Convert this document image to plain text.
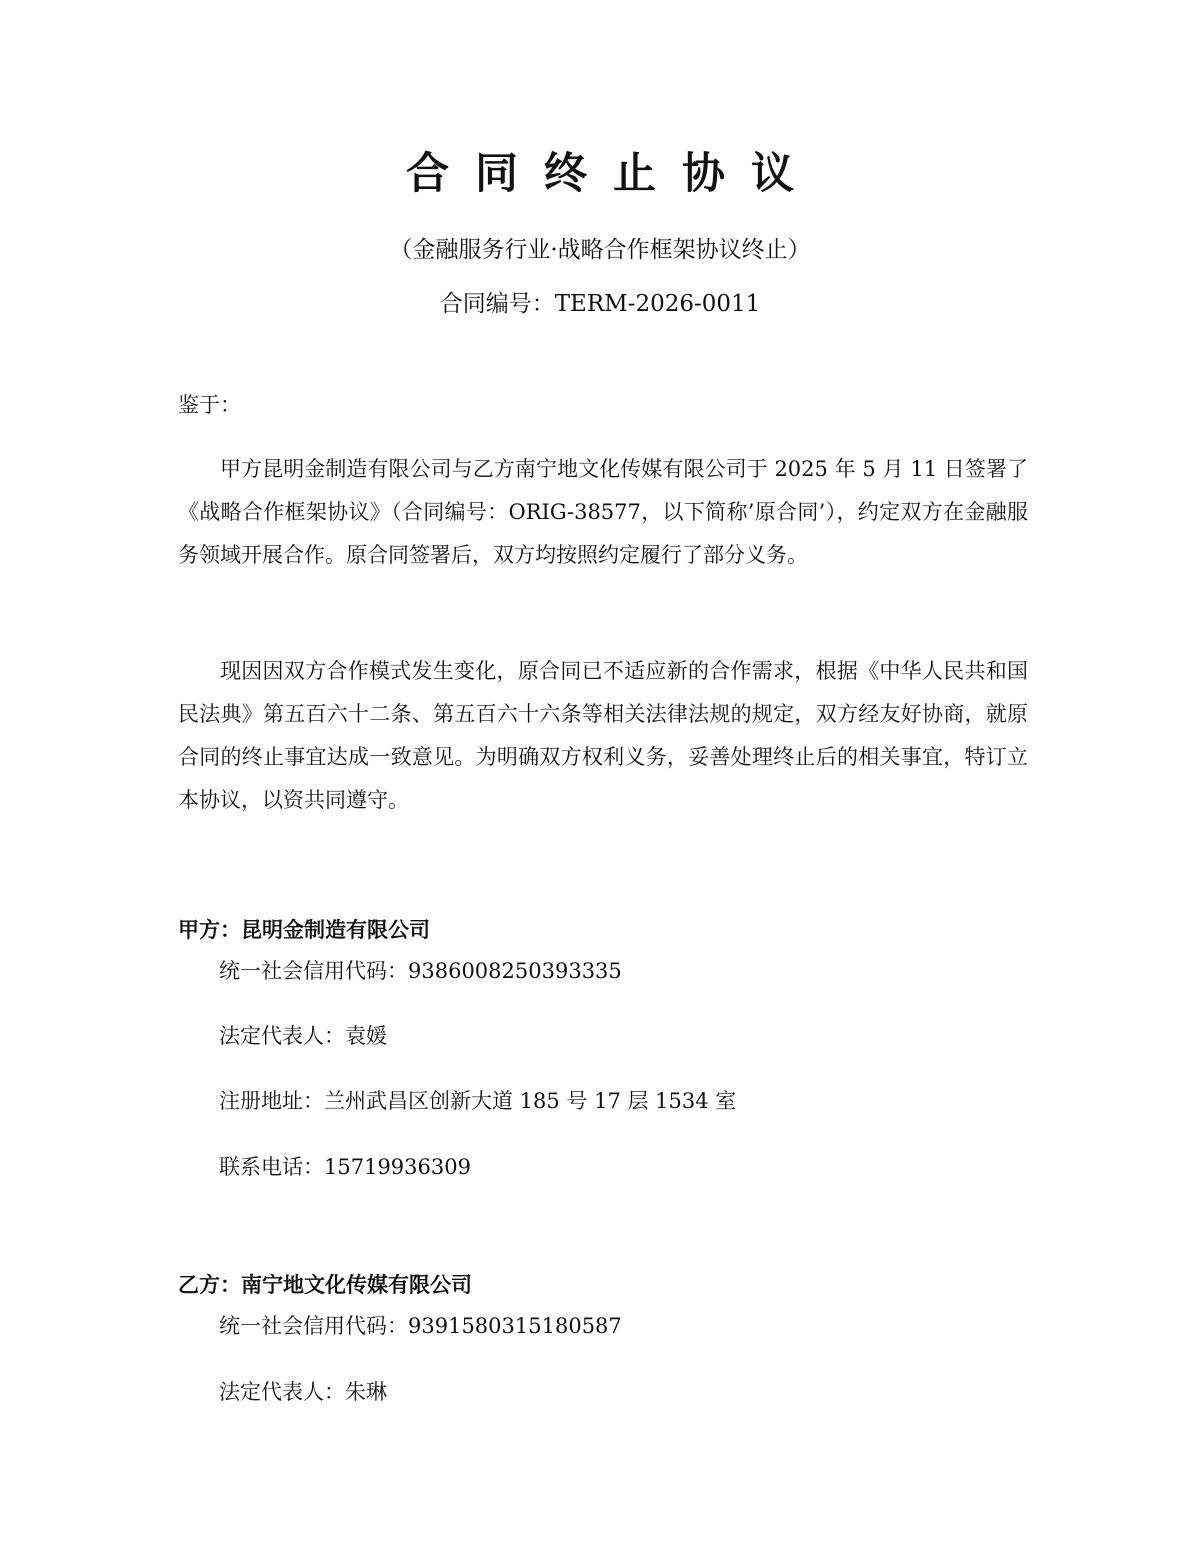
合同终止协议
（金融服务行业·战略合作框架协议终止）
合同编号：TERM-2026-0011
鉴于：
甲方昆明金制造有限公司与乙方南宁地文化传媒有限公司于 2025 年 5 月 11 日签署了《战略合作框架协议》（合同编号：ORIG-38577，以下简称’原合同’），约定双方在金融服务领域开展合作。原合同签署后，双方均按照约定履行了部分义务。
现因因双方合作模式发生变化，原合同已不适应新的合作需求，根据《中华人民共和国民法典》第五百六十二条、第五百六十六条等相关法律法规的规定，双方经友好协商，就原合同的终止事宜达成一致意见。为明确双方权利义务，妥善处理终止后的相关事宜，特订立本协议，以资共同遵守。
甲方：昆明金制造有限公司
统一社会信用代码：9386008250393335
法定代表人：袁媛
注册地址：兰州武昌区创新大道 185 号 17 层 1534 室
联系电话：15719936309
乙方：南宁地文化传媒有限公司
统一社会信用代码：9391580315180587
法定代表人：朱琳
